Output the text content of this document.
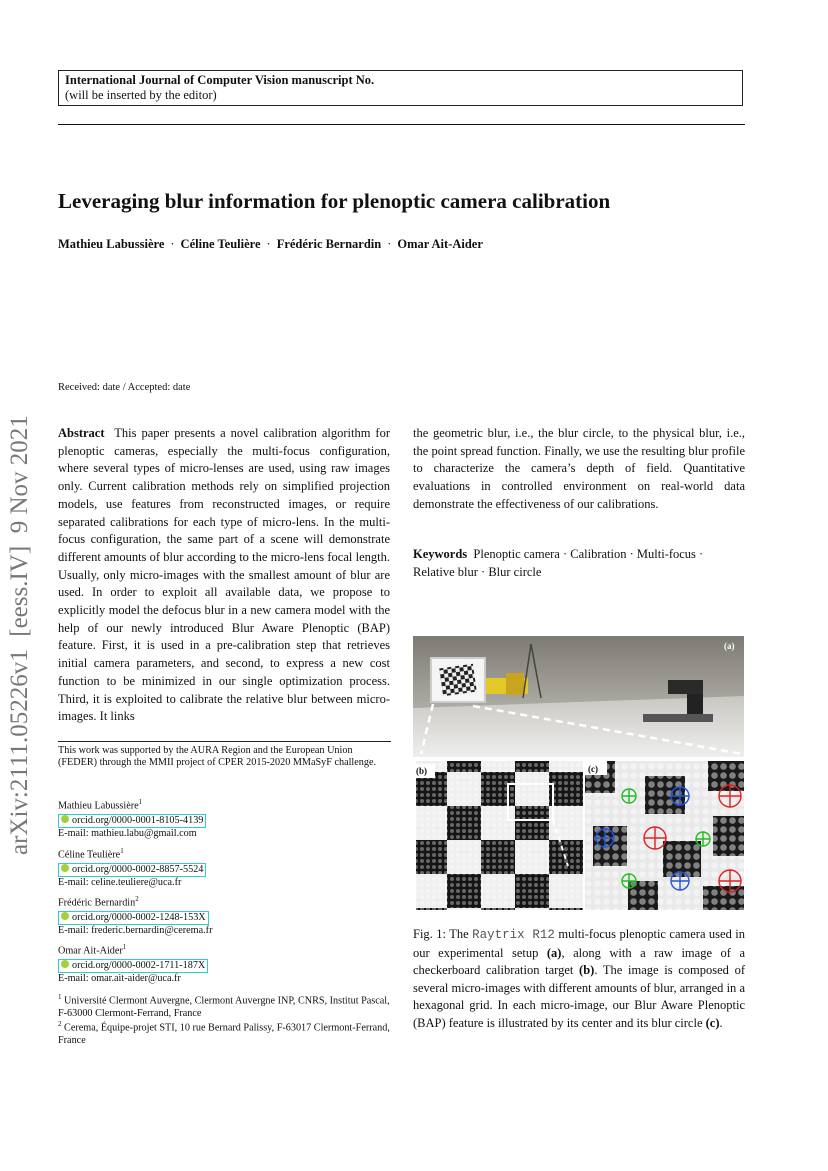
International Journal of Computer Vision manuscript No.
(will be inserted by the editor)
Leveraging blur information for plenoptic camera calibration
Mathieu Labussière · Céline Teulière · Frédéric Bernardin · Omar Ait-Aider
arXiv:2111.05226v1  [eess.IV]  9 Nov 2021
Received: date / Accepted: date
Abstract This paper presents a novel calibration algorithm for plenoptic cameras, especially the multi-focus configuration, where several types of micro-lenses are used, using raw images only. Current calibration methods rely on simplified projection models, use features from reconstructed images, or require separated calibrations for each type of micro-lens. In the multi-focus configuration, the same part of a scene will demonstrate different amounts of blur according to the micro-lens focal length. Usually, only micro-images with the smallest amount of blur are used. In order to exploit all available data, we propose to explicitly model the defocus blur in a new camera model with the help of our newly introduced Blur Aware Plenoptic (BAP) feature. First, it is used in a pre-calibration step that retrieves initial camera parameters, and second, to express a new cost function to be minimized in our single optimization process. Third, it is exploited to calibrate the relative blur between micro-images. It links
the geometric blur, i.e., the blur circle, to the physical blur, i.e., the point spread function. Finally, we use the resulting blur profile to characterize the camera’s depth of field. Quantitative evaluations in controlled environment on real-world data demonstrate the effectiveness of our calibrations.
Keywords Plenoptic camera · Calibration · Multi-focus · Relative blur · Blur circle
This work was supported by the AURA Region and the European Union (FEDER) through the MMII project of CPER 2015-2020 MMaSyF challenge.
Mathieu Labussière$^1$
orcid.org/0000-0001-8105-4139
E-mail: mathieu.labu@gmail.com
Céline Teulière$^1$
orcid.org/0000-0002-8857-5524
E-mail: celine.teuliere@uca.fr
Frédéric Bernardin$^2$
orcid.org/0000-0002-1248-153X
E-mail: frederic.bernardin@cerema.fr
Omar Ait-Aider$^1$
orcid.org/0000-0002-1711-187X
E-mail: omar.ait-aider@uca.fr
$^1$ Université Clermont Auvergne, Clermont Auvergne INP, CNRS, Institut Pascal, F-63000 Clermont-Ferrand, France
$^2$ Cerema, Équipe-projet STI, 10 rue Bernard Palissy, F-63017 Clermont-Ferrand, France
(a)
(b)	(c)
Fig. 1: The Raytrix R12 multi-focus plenoptic camera used in our experimental setup (a), along with a raw image of a checkerboard calibration target (b). The image is composed of several micro-images with different amounts of blur, arranged in a hexagonal grid. In each micro-image, our Blur Aware Plenoptic (BAP) feature is illustrated by its center and its blur circle (c).
